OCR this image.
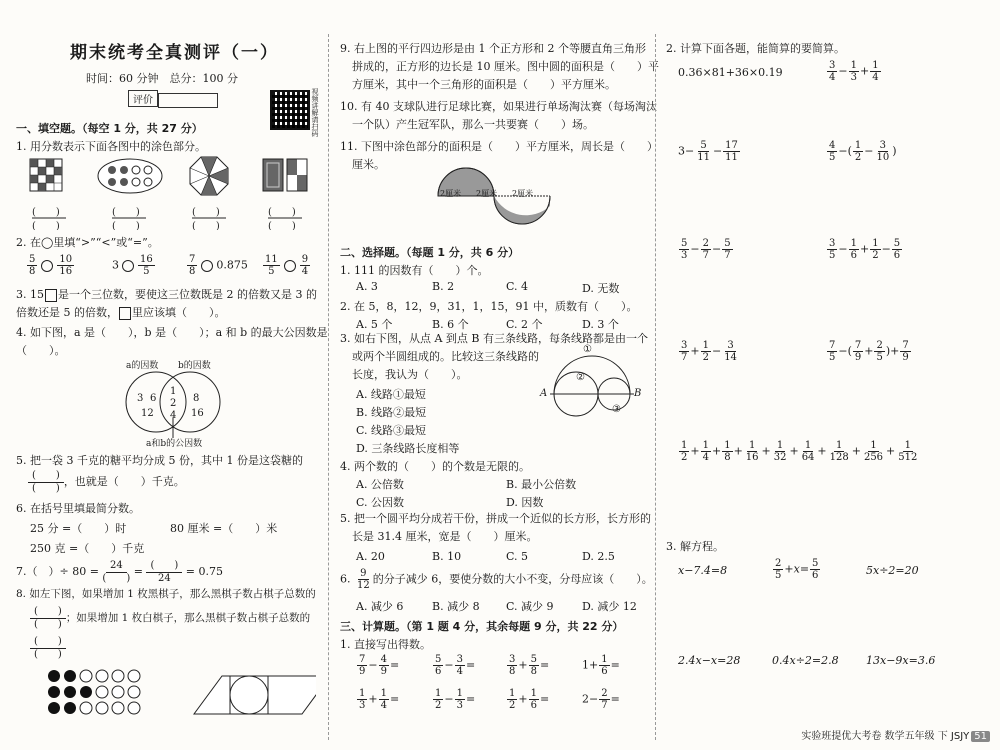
期末统考全真测评（一）
时间：60 分钟　总分：100 分
评价	视频讲解请扫码
一、填空题。（每空 1 分，共 27 分）
1. 用分数表示下面各图中的涂色部分。
(　　)
(　　)
(　　)
(　　)
(　　)
(　　)
(　　)
(　　)
2. 在◯里填“>”“<”或“=”。
$\frac{5}{8} \frac{10}{16}$	$3 \frac{16}{5}$	$\frac{7}{8} 0.875 \frac{11}{5} \frac{9}{4}$
3. 15 是一个三位数，要使这三位数既是 2 的倍数又是 3 的
倍数还是 5 的倍数， 里应该填（　　）。
4. 如下图，a 是（　　），b 是（　　）；a 和 b 的最大公因数是
（　　）。
a的因数 b的因数
3 6
12
1
2
4
8
16
a和b的公因数
5. 把一袋 3 千克的糖平均分成 5 份，其中 1 份是这袋糖的
$\frac{( )}{( )}$ ，也就是（　　）千克。
6. 在括号里填最简分数。
25 分 =（　　）时	80 厘米 =（　　）米
250 克 =（　　）千克
7.（　）÷ $80 = \frac{24}{( )} = \frac{( )}{24} = 0.75$
8. 如左下图，如果增加 1 枚黑棋子，那么黑棋子数占棋子总数的
$\frac{( )}{( )}$ ；如果增加 1 枚白棋子，那么黑棋子数占棋子总数的
$\frac{( )}{( )}$
9. 右上图的平行四边形是由 1 个正方形和 2 个等腰直角三角形
拼成的，正方形的边长是 10 厘米。图中圆的面积是（　　）平
方厘米，其中一个三角形的面积是（　　）平方厘米。
10. 有 40 支球队进行足球比赛，如果进行单场淘汰赛（每场淘汰
一个队）产生冠军队，那么一共要赛（　　）场。
11. 下图中涂色部分的面积是（　　）平方厘米，周长是（　　）
厘米。
2厘米 2厘米 2厘米
二、选择题。（每题 1 分，共 6 分）
1. 111 的因数有（　　）个。
A. 3	B. 2	C. 4	D. 无数
2. 在 5，8，12，9，31，1，15，91 中，质数有（　　）。
A. 5 个	B. 6 个	C. 2 个	D. 3 个
3. 如右下图，从点 A 到点 B 有三条线路，每条线路都是由一个
或两个半圆组成的。比较这三条线路的
长度，我认为（　　）。
A. 线路①最短
B. 线路②最短
C. 线路③最短
D. 三条线路长度相等
①
②
③
A	B
4. 两个数的（　　）的个数是无限的。
A. 公倍数	B. 最小公倍数
C. 公因数	D. 因数
5. 把一个圆平均分成若干份，拼成一个近似的长方形，长方形的
长是 31.4 厘米，宽是（　　）厘米。
A. 20	B. 10	C. 5	D. 2.5
6. $\frac{9}{12}$ 的分子减少 6，要使分数的大小不变，分母应该（　　）。
A. 减少 6	B. 减少 8 C. 减少 9	D. 减少 12
三、计算题。（第 1 题 4 分，其余每题 9 分，共 22 分）
1. 直接写出得数。
$\frac{7}{9} - \frac{4}{9}$ =	$\frac{5}{6} - \frac{3}{4}$ =	$\frac{3}{8} + \frac{5}{8}$ =	$1+ \frac{1}{6}$ =
$\frac{1}{3} + \frac{1}{4}$ =	$\frac{1}{2} - \frac{1}{3}$ =	$\frac{1}{2} + \frac{1}{6}$ =	$2- \frac{2}{7}$ =
2. 计算下面各题，能简算的要简算。
0.36×81+36×0.19	$\frac{3}{4} - \frac{1}{3} + \frac{1}{4}$
$3- \frac{5}{11} - \frac{17}{11}$	$\frac{4}{5}$ −( $\frac{1}{2} - \frac{3}{10}$ )
$\frac{5}{3} - \frac{2}{7} - \frac{5}{7}$	$\frac{3}{5} - \frac{1}{6} + \frac{1}{2} - \frac{5}{6}$
$\frac{3}{7} + \frac{1}{2} - \frac{3}{14}$	$\frac{7}{5}$ −( $\frac{7}{9} + \frac{2}{5}$ )+ $\frac{7}{9}$
$\frac{1}{2} + \frac{1}{4} + \frac{1}{8} + \frac{1}{16} + \frac{1}{32} + \frac{1}{64} + \frac{1}{128} + \frac{1}{256} + \frac{1}{512}$
3. 解方程。
x−7.4=8	$\frac{2}{5} +x= \frac{5}{6}$	5x÷2=20
2.4x−x=28	0.4x÷2=2.8 13x−9x=3.6
实验班提优大考卷 数学五年级 下 JSJY 51
